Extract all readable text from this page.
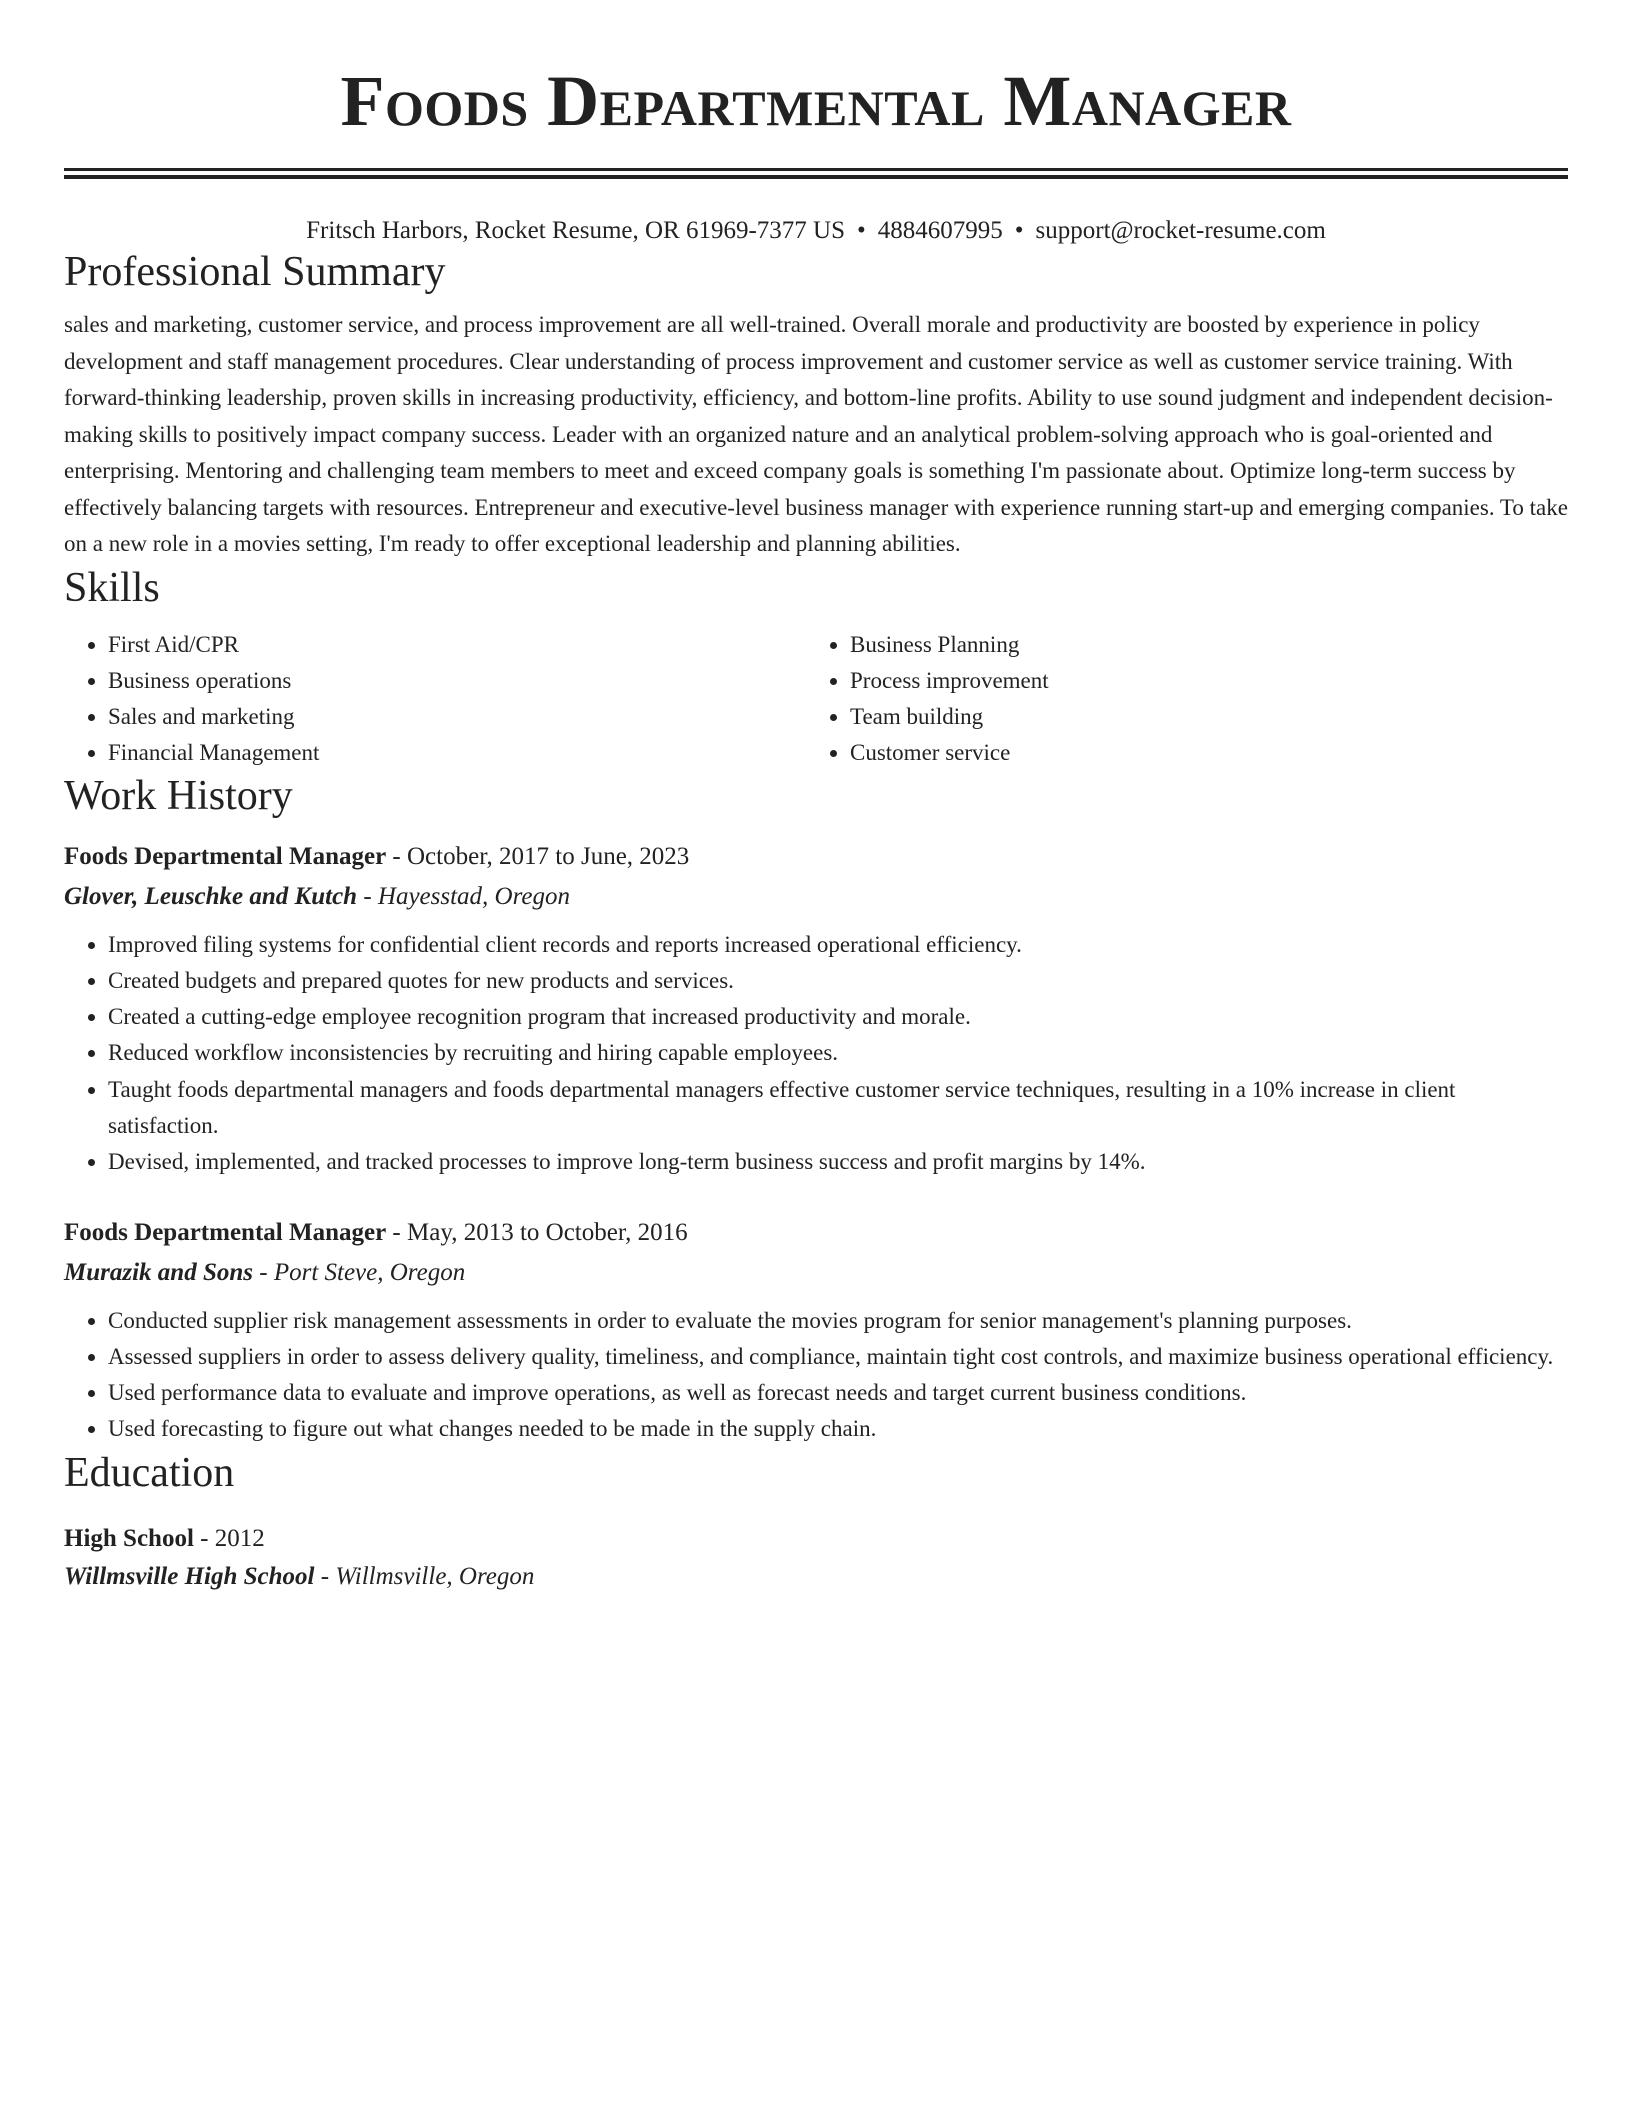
Foods Departmental Manager
Fritsch Harbors, Rocket Resume, OR 61969-7377 US • 4884607995 • support@rocket-resume.com
Professional Summary
sales and marketing, customer service, and process improvement are all well-trained. Overall morale and productivity are boosted by experience in policy development and staff management procedures. Clear understanding of process improvement and customer service as well as customer service training. With forward-thinking leadership, proven skills in increasing productivity, efficiency, and bottom-line profits. Ability to use sound judgment and independent decision-making skills to positively impact company success. Leader with an organized nature and an analytical problem-solving approach who is goal-oriented and enterprising. Mentoring and challenging team members to meet and exceed company goals is something I'm passionate about. Optimize long-term success by effectively balancing targets with resources. Entrepreneur and executive-level business manager with experience running start-up and emerging companies. To take on a new role in a movies setting, I'm ready to offer exceptional leadership and planning abilities.
Skills
• First Aid/CPR
• Business operations
• Sales and marketing
• Financial Management
• Business Planning
• Process improvement
• Team building
• Customer service
Work History
Foods Departmental Manager - October, 2017 to June, 2023
Glover, Leuschke and Kutch - Hayesstad, Oregon
• Improved filing systems for confidential client records and reports increased operational efficiency.
• Created budgets and prepared quotes for new products and services.
• Created a cutting-edge employee recognition program that increased productivity and morale.
• Reduced workflow inconsistencies by recruiting and hiring capable employees.
• Taught foods departmental managers and foods departmental managers effective customer service techniques, resulting in a 10% increase in client satisfaction.
• Devised, implemented, and tracked processes to improve long-term business success and profit margins by 14%.
Foods Departmental Manager - May, 2013 to October, 2016
Murazik and Sons - Port Steve, Oregon
• Conducted supplier risk management assessments in order to evaluate the movies program for senior management's planning purposes.
• Assessed suppliers in order to assess delivery quality, timeliness, and compliance, maintain tight cost controls, and maximize business operational efficiency.
• Used performance data to evaluate and improve operations, as well as forecast needs and target current business conditions.
• Used forecasting to figure out what changes needed to be made in the supply chain.
Education
High School - 2012
Willmsville High School - Willmsville, Oregon
